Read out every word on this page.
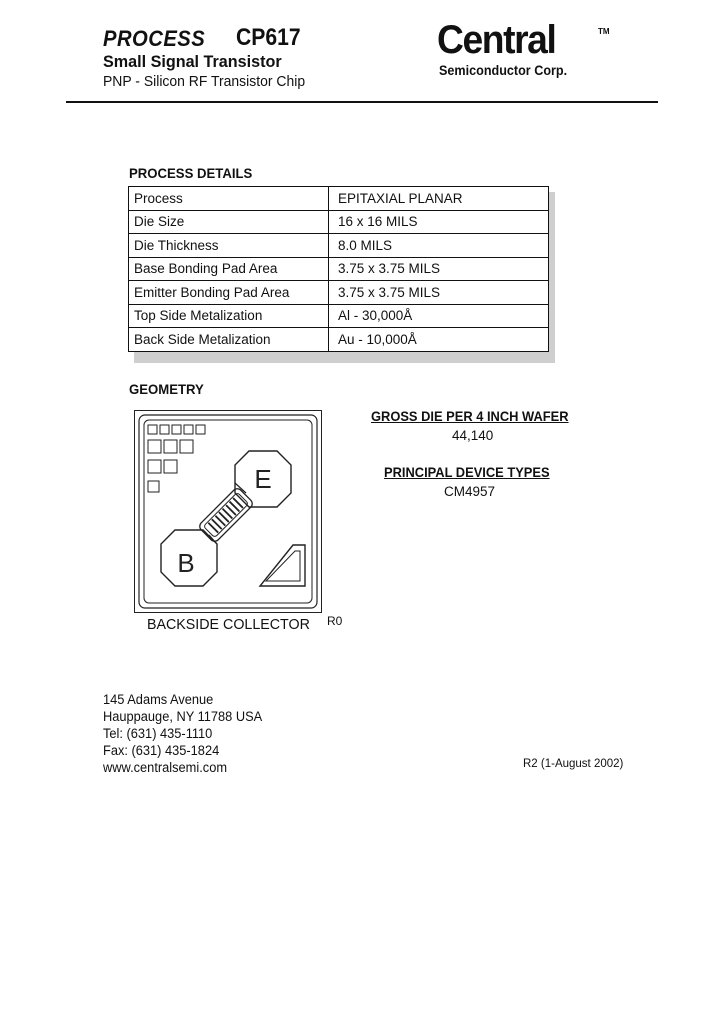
PROCESS CP617
Small Signal Transistor
PNP - Silicon RF Transistor Chip
Central	TM
Semiconductor Corp.
PROCESS DETAILS
Process	EPITAXIAL PLANAR
Die Size	16 x 16 MILS
Die Thickness	8.0 MILS
Base Bonding Pad Area	3.75 x 3.75 MILS
Emitter Bonding Pad Area	3.75 x 3.75 MILS
Top Side Metalization	Al - 30,000Å
Back Side Metalization	Au - 10,000Å
GEOMETRY
E
B
BACKSIDE COLLECTOR R0
GROSS DIE PER 4 INCH WAFER
44,140
PRINCIPAL DEVICE TYPES
CM4957
145 Adams Avenue
Hauppauge, NY 11788 USA
Tel: (631) 435-1110
Fax: (631) 435-1824
www.centralsemi.com	R2 (1-August 2002)
